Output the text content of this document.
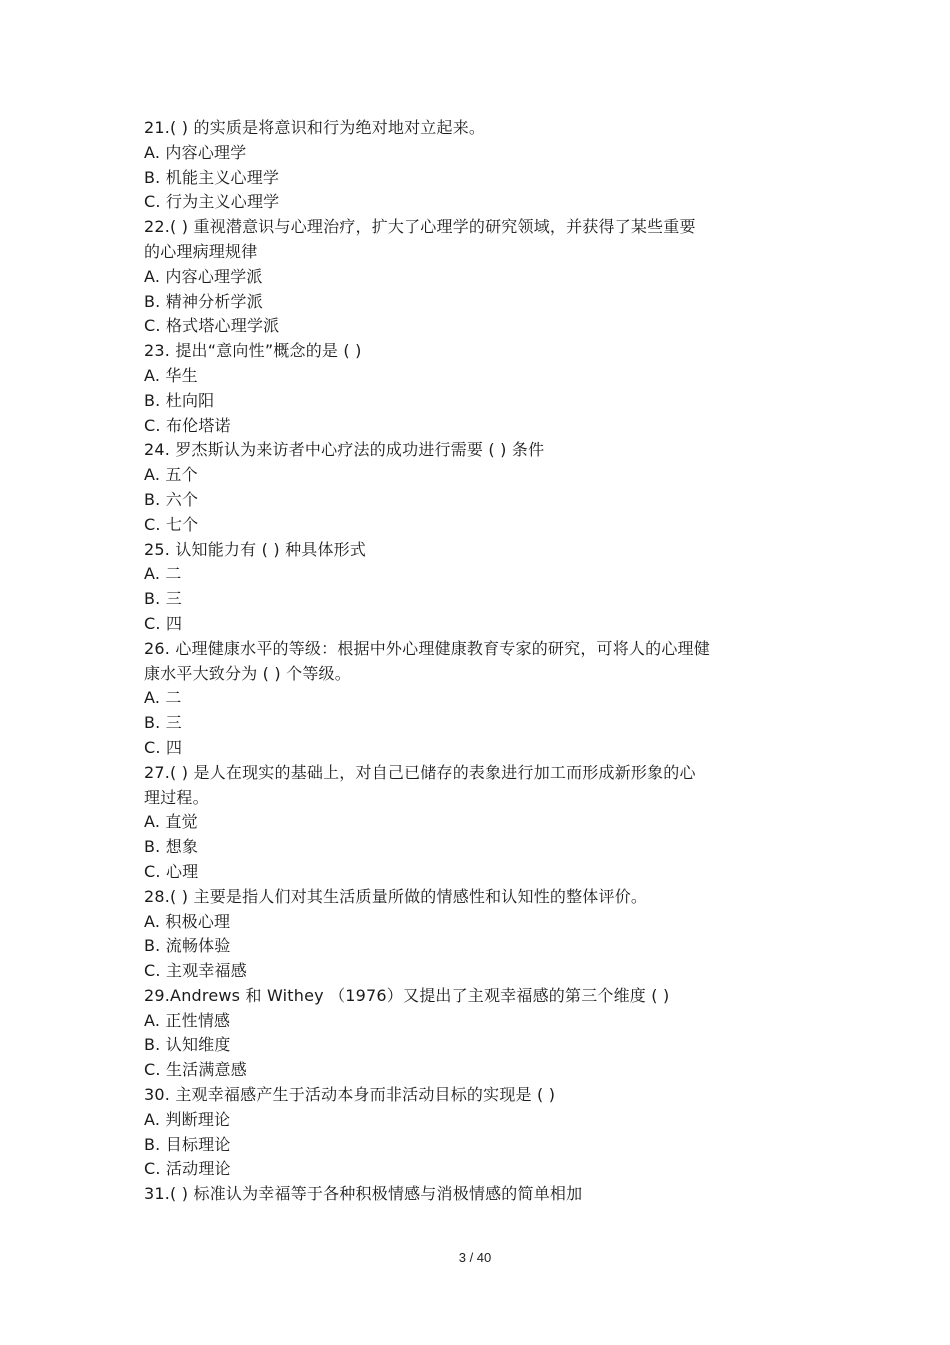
21.( ) 的实质是将意识和行为绝对地对立起来。
A. 内容心理学
B. 机能主义心理学
C. 行为主义心理学
22.( ) 重视潜意识与心理治疗，扩大了心理学的研究领域，并获得了某些重要
的心理病理规律
A. 内容心理学派
B. 精神分析学派
C. 格式塔心理学派
23. 提出“意向性”概念的是 ( )
A. 华生
B. 杜向阳
C. 布伦塔诺
24. 罗杰斯认为来访者中心疗法的成功进行需要 ( ) 条件
A. 五个
B. 六个
C. 七个
25. 认知能力有 ( ) 种具体形式
A. 二
B. 三
C. 四
26. 心理健康水平的等级：根据中外心理健康教育专家的研究，可将人的心理健
康水平大致分为 ( ) 个等级。
A. 二
B. 三
C. 四
27.( ) 是人在现实的基础上，对自己已储存的表象进行加工而形成新形象的心
理过程。
A. 直觉
B. 想象
C. 心理
28.( ) 主要是指人们对其生活质量所做的情感性和认知性的整体评价。
A. 积极心理
B. 流畅体验
C. 主观幸福感
29.Andrews 和 Withey （1976）又提出了主观幸福感的第三个维度 ( )
A. 正性情感
B. 认知维度
C. 生活满意感
30. 主观幸福感产生于活动本身而非活动目标的实现是 ( )
A. 判断理论
B. 目标理论
C. 活动理论
31.( ) 标准认为幸福等于各种积极情感与消极情感的简单相加
3 / 40
